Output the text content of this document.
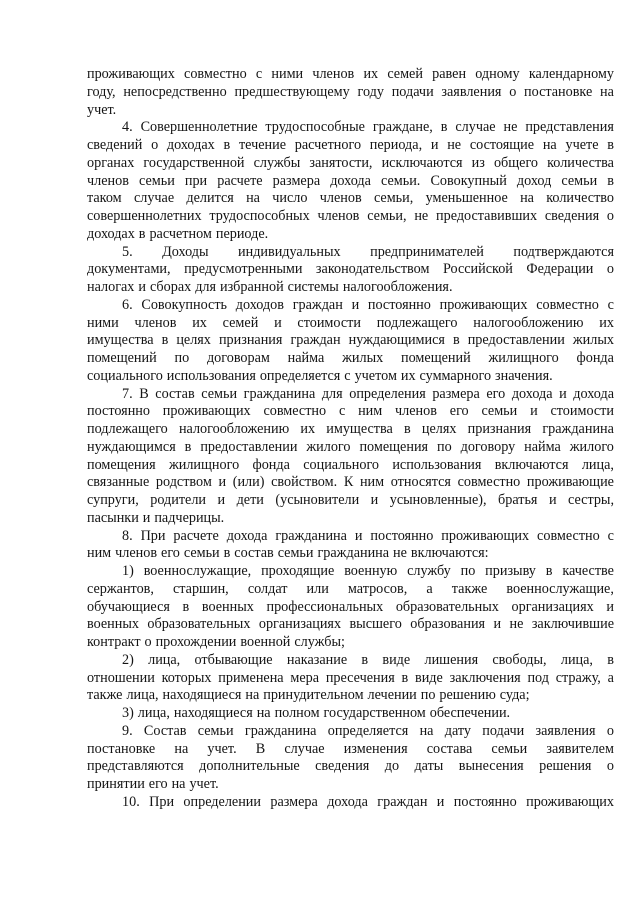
проживающих совместно с ними членов их семей равен одному календарному
году, непосредственно предшествующему году подачи заявления о постановке на
учет.
4. Совершеннолетние трудоспособные граждане, в случае не представления
сведений о доходах в течение расчетного периода, и не состоящие на учете в
органах государственной службы занятости, исключаются из общего количества
членов семьи при расчете размера дохода семьи. Совокупный доход семьи в
таком случае делится на число членов семьи, уменьшенное на количество
совершеннолетних трудоспособных членов семьи, не предоставивших сведения о
доходах в расчетном периоде.
5. Доходы индивидуальных предпринимателей подтверждаются
документами, предусмотренными законодательством Российской Федерации о
налогах и сборах для избранной системы налогообложения.
6. Совокупность доходов граждан и постоянно проживающих совместно с
ними членов их семей и стоимости подлежащего налогообложению их
имущества в целях признания граждан нуждающимися в предоставлении жилых
помещений по договорам найма жилых помещений жилищного фонда
социального использования определяется с учетом их суммарного значения.
7. В состав семьи гражданина для определения размера его дохода и дохода
постоянно проживающих совместно с ним членов его семьи и стоимости
подлежащего налогообложению их имущества в целях признания гражданина
нуждающимся в предоставлении жилого помещения по договору найма жилого
помещения жилищного фонда социального использования включаются лица,
связанные родством и (или) свойством. К ним относятся совместно проживающие
супруги, родители и дети (усыновители и усыновленные), братья и сестры,
пасынки и падчерицы.
8. При расчете дохода гражданина и постоянно проживающих совместно с
ним членов его семьи в состав семьи гражданина не включаются:
1) военнослужащие, проходящие военную службу по призыву в качестве
сержантов, старшин, солдат или матросов, а также военнослужащие,
обучающиеся в военных профессиональных образовательных организациях и
военных образовательных организациях высшего образования и не заключившие
контракт о прохождении военной службы;
2) лица, отбывающие наказание в виде лишения свободы, лица, в
отношении которых применена мера пресечения в виде заключения под стражу, а
также лица, находящиеся на принудительном лечении по решению суда;
3) лица, находящиеся на полном государственном обеспечении.
9. Состав семьи гражданина определяется на дату подачи заявления о
постановке на учет. В случае изменения состава семьи заявителем
представляются дополнительные сведения до даты вынесения решения о
принятии его на учет.
10. При определении размера дохода граждан и постоянно проживающих
